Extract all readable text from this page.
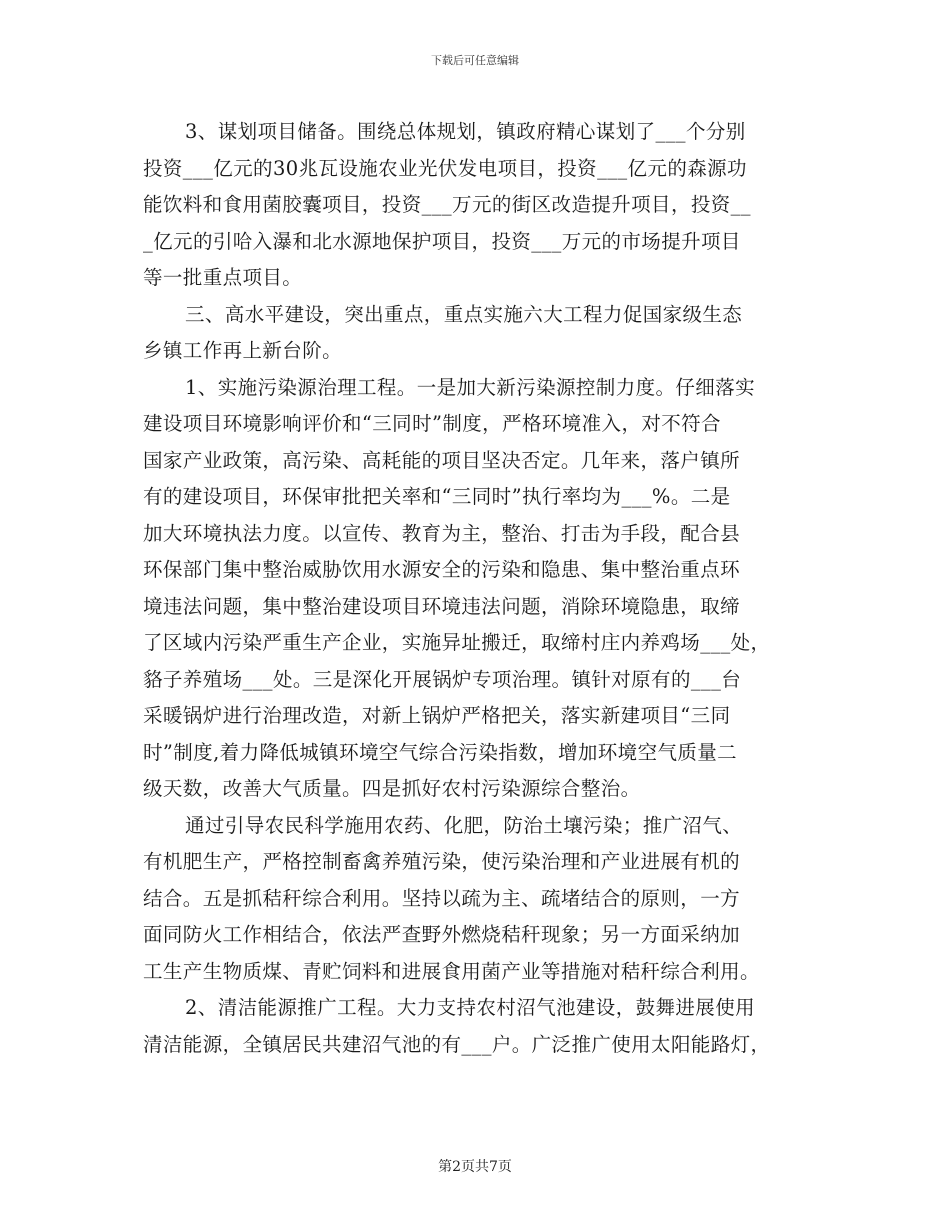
下载后可任意编辑
3、谋划项目储备。围绕总体规划，镇政府精心谋划了___个分别
投资___亿元的30兆瓦设施农业光伏发电项目，投资___亿元的森源功
能饮料和食用菌胶囊项目，投资___万元的街区改造提升项目，投资__
_亿元的引哈入瀑和北水源地保护项目，投资___万元的市场提升项目
等一批重点项目。
三、高水平建设，突出重点，重点实施六大工程力促国家级生态
乡镇工作再上新台阶。
1、实施污染源治理工程。一是加大新污染源控制力度。仔细落实
建设项目环境影响评价和“三同时”制度，严格环境准入，对不符合
国家产业政策，高污染、高耗能的项目坚决否定。几年来，落户镇所
有的建设项目，环保审批把关率和“三同时”执行率均为___%。二是
加大环境执法力度。以宣传、教育为主，整治、打击为手段，配合县
环保部门集中整治威胁饮用水源安全的污染和隐患、集中整治重点环
境违法问题，集中整治建设项目环境违法问题，消除环境隐患，取缔
了区域内污染严重生产企业，实施异址搬迁，取缔村庄内养鸡场___处，
貉子养殖场___处。三是深化开展锅炉专项治理。镇针对原有的___台
采暖锅炉进行治理改造，对新上锅炉严格把关，落实新建项目“三同
时”制度,着力降低城镇环境空气综合污染指数，增加环境空气质量二
级天数，改善大气质量。四是抓好农村污染源综合整治。
通过引导农民科学施用农药、化肥，防治土壤污染；推广沼气、
有机肥生产，严格控制畜禽养殖污染，使污染治理和产业进展有机的
结合。五是抓秸秆综合利用。坚持以疏为主、疏堵结合的原则，一方
面同防火工作相结合，依法严查野外燃烧秸秆现象；另一方面采纳加
工生产生物质煤、青贮饲料和进展食用菌产业等措施对秸秆综合利用。
2、清洁能源推广工程。大力支持农村沼气池建设，鼓舞进展使用
清洁能源，全镇居民共建沼气池的有___户。广泛推广使用太阳能路灯，
第2页共7页
